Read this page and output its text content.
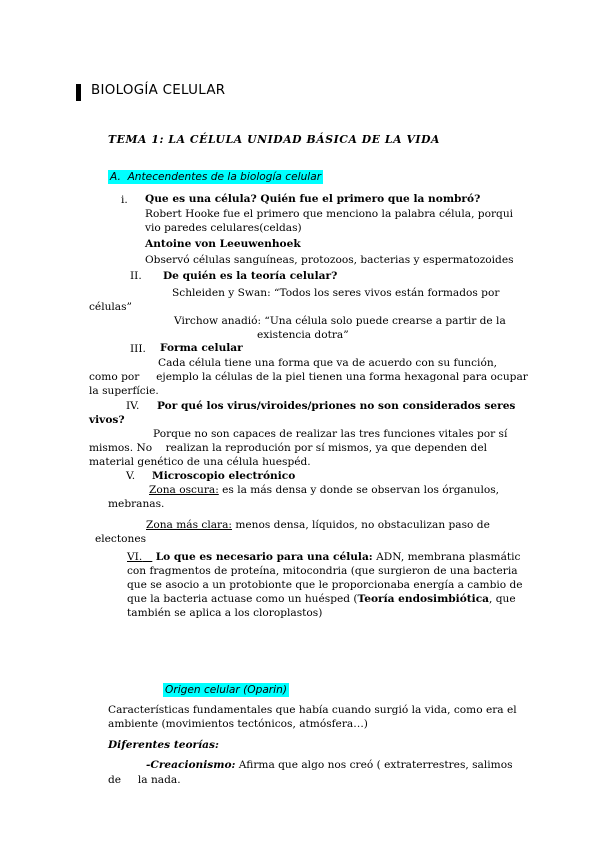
BIOLOGÍA CELULAR
TEMA 1: LA CÉLULA UNIDAD BÁSICA DE LA VIDA
A. Antecendentes de la biología celular
i. Que es una célula? Quién fue el primero que la nombró?
Robert Hooke fue el primero que menciono la palabra célula, porqui
vio paredes celulares(celdas)
Antoine von Leeuwenhoek
Observó células sanguíneas, protozoos, bacterias y espermatozoides
II. De quién es la teoría celular?
Schleiden y Swan: “Todos los seres vivos están formados por
células”
Virchow anadió: “Una célula solo puede crearse a partir de la
existencia dotra”
III. Forma celular
Cada célula tiene una forma que va de acuerdo con su función,
como por     ejemplo la células de la piel tienen una forma hexagonal para ocupar
la superfície.
IV. Por qué los virus/viroides/priones no son considerados seres
vivos?
Porque no son capaces de realizar las tres funciones vitales por sí
mismos. No    realizan la reprodución por sí mismos, ya que dependen del
material genético de una célula huespéd.
V. Microscopio electrónico
Zona oscura: es la más densa y donde se observan los órganulos,
mebranas.
Zona más clara: menos densa, líquidos, no obstaculizan paso de
electones
VI. Lo que es necesario para una célula: ADN, membrana plasmátic
con fragmentos de proteína, mitocondria (que surgieron de una bacteria
que se asocio a un protobionte que le proporcionaba energía a cambio de
que la bacteria actuase como un huésped (Teoría endosimbiótica, que
también se aplica a los cloroplastos)
Origen celular (Oparin)
Características fundamentales que había cuando surgió la vida, como era el
ambiente (movimientos tectónicos, atmósfera…)
Diferentes teorías:
-Creacionismo: Afirma que algo nos creó ( extraterrestres, salimos
de     la nada.
